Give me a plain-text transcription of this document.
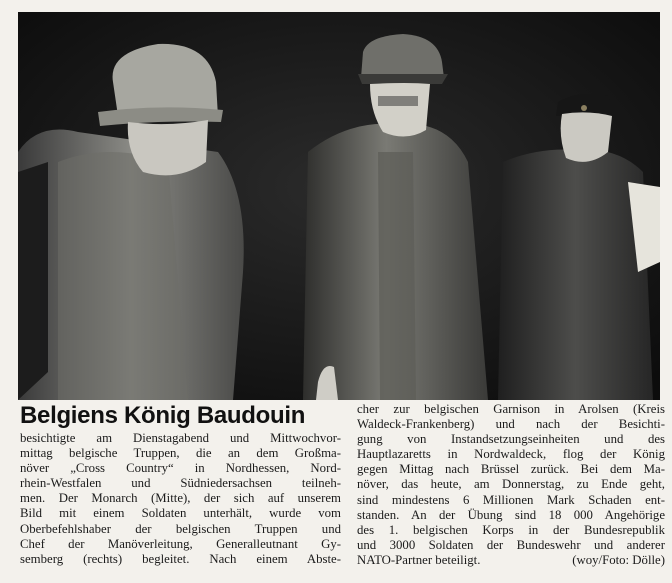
Belgiens König Baudouin
besichtigte am Dienstagabend und Mittwochvor-
mittag belgische Truppen, die an dem Großma-
növer „Cross Country“ in Nordhessen, Nord-
rhein-Westfalen und Südniedersachsen teilneh-
men. Der Monarch (Mitte), der sich auf unserem
Bild mit einem Soldaten unterhält, wurde vom
Oberbefehlshaber der belgischen Truppen und
Chef der Manöverleitung, Generalleutnant Gy-
semberg (rechts) begleitet. Nach einem Abste-
cher zur belgischen Garnison in Arolsen (Kreis
Waldeck-Frankenberg) und nach der Besichti-
gung von Instandsetzungseinheiten und des
Hauptlazaretts in Nordwaldeck, flog der König
gegen Mittag nach Brüssel zurück. Bei dem Ma-
növer, das heute, am Donnerstag, zu Ende geht,
sind mindestens 6 Millionen Mark Schaden ent-
standen. An der Übung sind 18 000 Angehörige
des 1. belgischen Korps in der Bundesrepublik
und 3000 Soldaten der Bundeswehr und anderer
NATO-Partner beteiligt.	(woy/Foto: Dölle)
